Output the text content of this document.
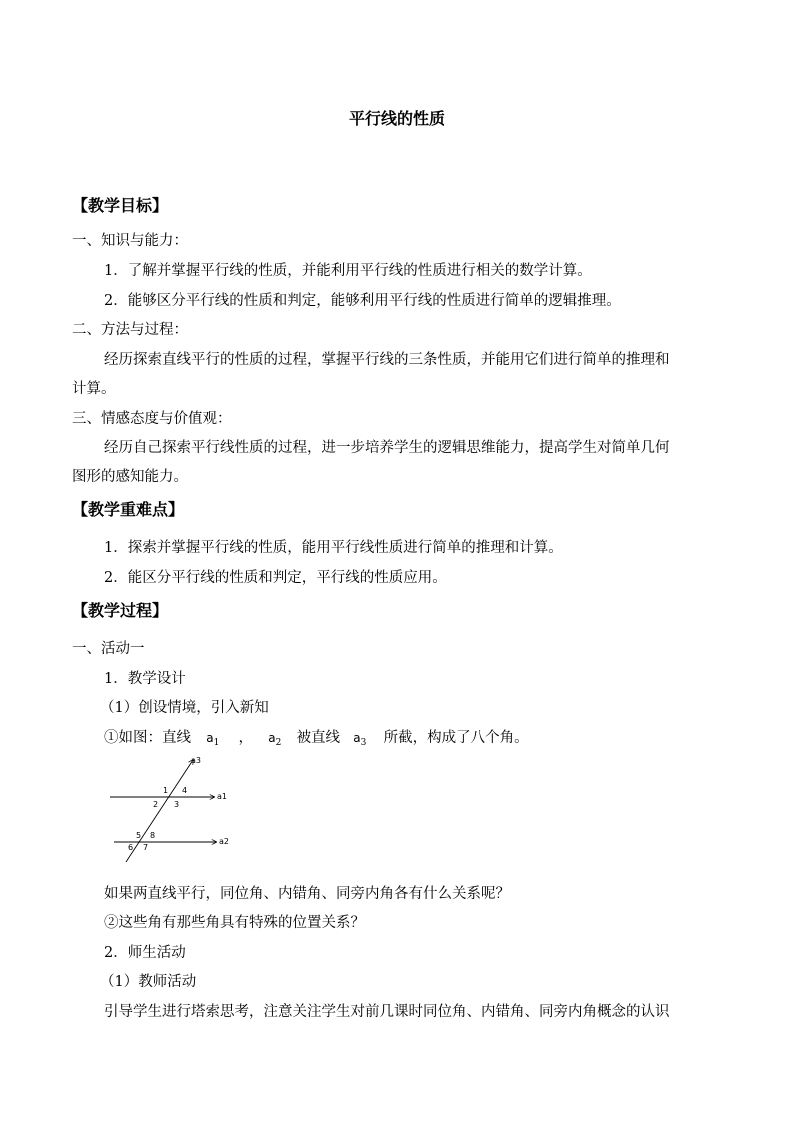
平行线的性质
【教学目标】
一、知识与能力：
1．了解并掌握平行线的性质，并能利用平行线的性质进行相关的数学计算。
2．能够区分平行线的性质和判定，能够利用平行线的性质进行简单的逻辑推理。
二、方法与过程：
经历探索直线平行的性质的过程，掌握平行线的三条性质，并能用它们进行简单的推理和
计算。
三、情感态度与价值观：
经历自己探索平行线性质的过程，进一步培养学生的逻辑思维能力，提高学生对简单几何
图形的感知能力。
【教学重难点】
1．探索并掌握平行线的性质，能用平行线性质进行简单的推理和计算。
2．能区分平行线的性质和判定，平行线的性质应用。
【教学过程】
一、活动一
1．教学设计
（1）创设情境，引入新知
①如图：直线 $a_1$ ， $a_2$ 被直线 $a_3$ 所截，构成了八个角。
a3
a1
a2
1 4
2 3
5 8
6 7
如果两直线平行，同位角、内错角、同旁内角各有什么关系呢？
②这些角有那些角具有特殊的位置关系？
2．师生活动
（1）教师活动
引导学生进行塔索思考，注意关注学生对前几课时同位角、内错角、同旁内角概念的认识
